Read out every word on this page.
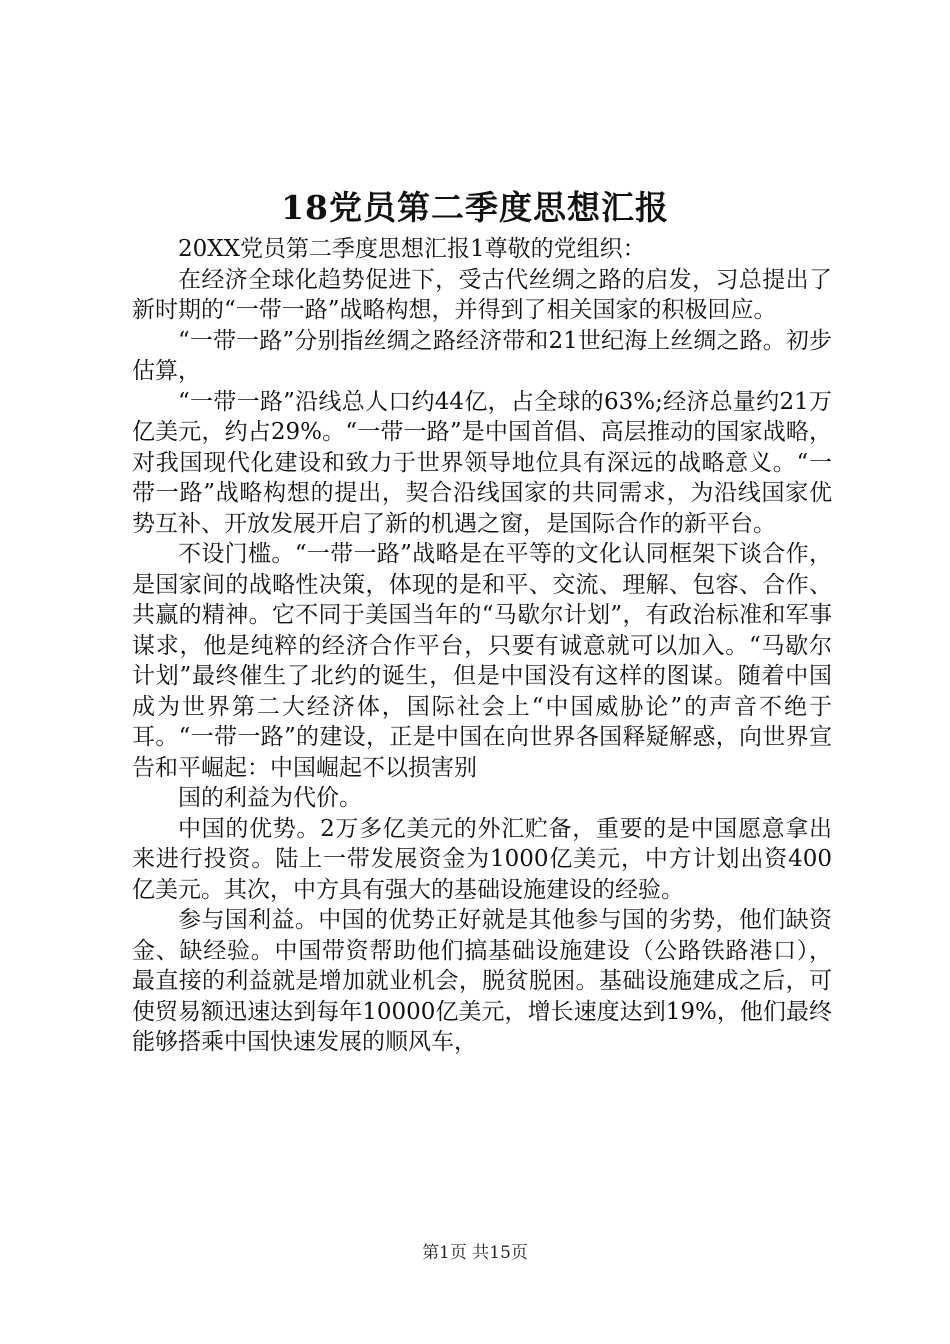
18党员第二季度思想汇报

20XX党员第二季度思想汇报1尊敬的党组织：

在经济全球化趋势促进下，受古代丝绸之路的启发，习总提出了新时期的“一带一路”战略构想，并得到了相关国家的积极回应。

“一带一路”分别指丝绸之路经济带和21世纪海上丝绸之路。初步估算，

“一带一路”沿线总人口约44亿，占全球的63%;经济总量约21万亿美元，约占29%。“一带一路”是中国首倡、高层推动的国家战略，对我国现代化建设和致力于世界领导地位具有深远的战略意义。“一带一路”战略构想的提出，契合沿线国家的共同需求，为沿线国家优势互补、开放发展开启了新的机遇之窗，是国际合作的新平台。

不设门槛。“一带一路”战略是在平等的文化认同框架下谈合作，是国家间的战略性决策，体现的是和平、交流、理解、包容、合作、共赢的精神。它不同于美国当年的“马歇尔计划”，有政治标准和军事谋求，他是纯粹的经济合作平台，只要有诚意就可以加入。“马歇尔计划”最终催生了北约的诞生，但是中国没有这样的图谋。随着中国成为世界第二大经济体，国际社会上“中国威胁论”的声音不绝于耳。“一带一路”的建设，正是中国在向世界各国释疑解惑，向世界宣告和平崛起：中国崛起不以损害别

国的利益为代价。

中国的优势。2万多亿美元的外汇贮备，重要的是中国愿意拿出来进行投资。陆上一带发展资金为1000亿美元，中方计划出资400亿美元。其次，中方具有强大的基础设施建设的经验。

参与国利益。中国的优势正好就是其他参与国的劣势，他们缺资金、缺经验。中国带资帮助他们搞基础设施建设（公路铁路港口），最直接的利益就是增加就业机会，脱贫脱困。基础设施建成之后，可使贸易额迅速达到每年10000亿美元，增长速度达到19%，他们最终能够搭乘中国快速发展的顺风车，

第1页 共15页
